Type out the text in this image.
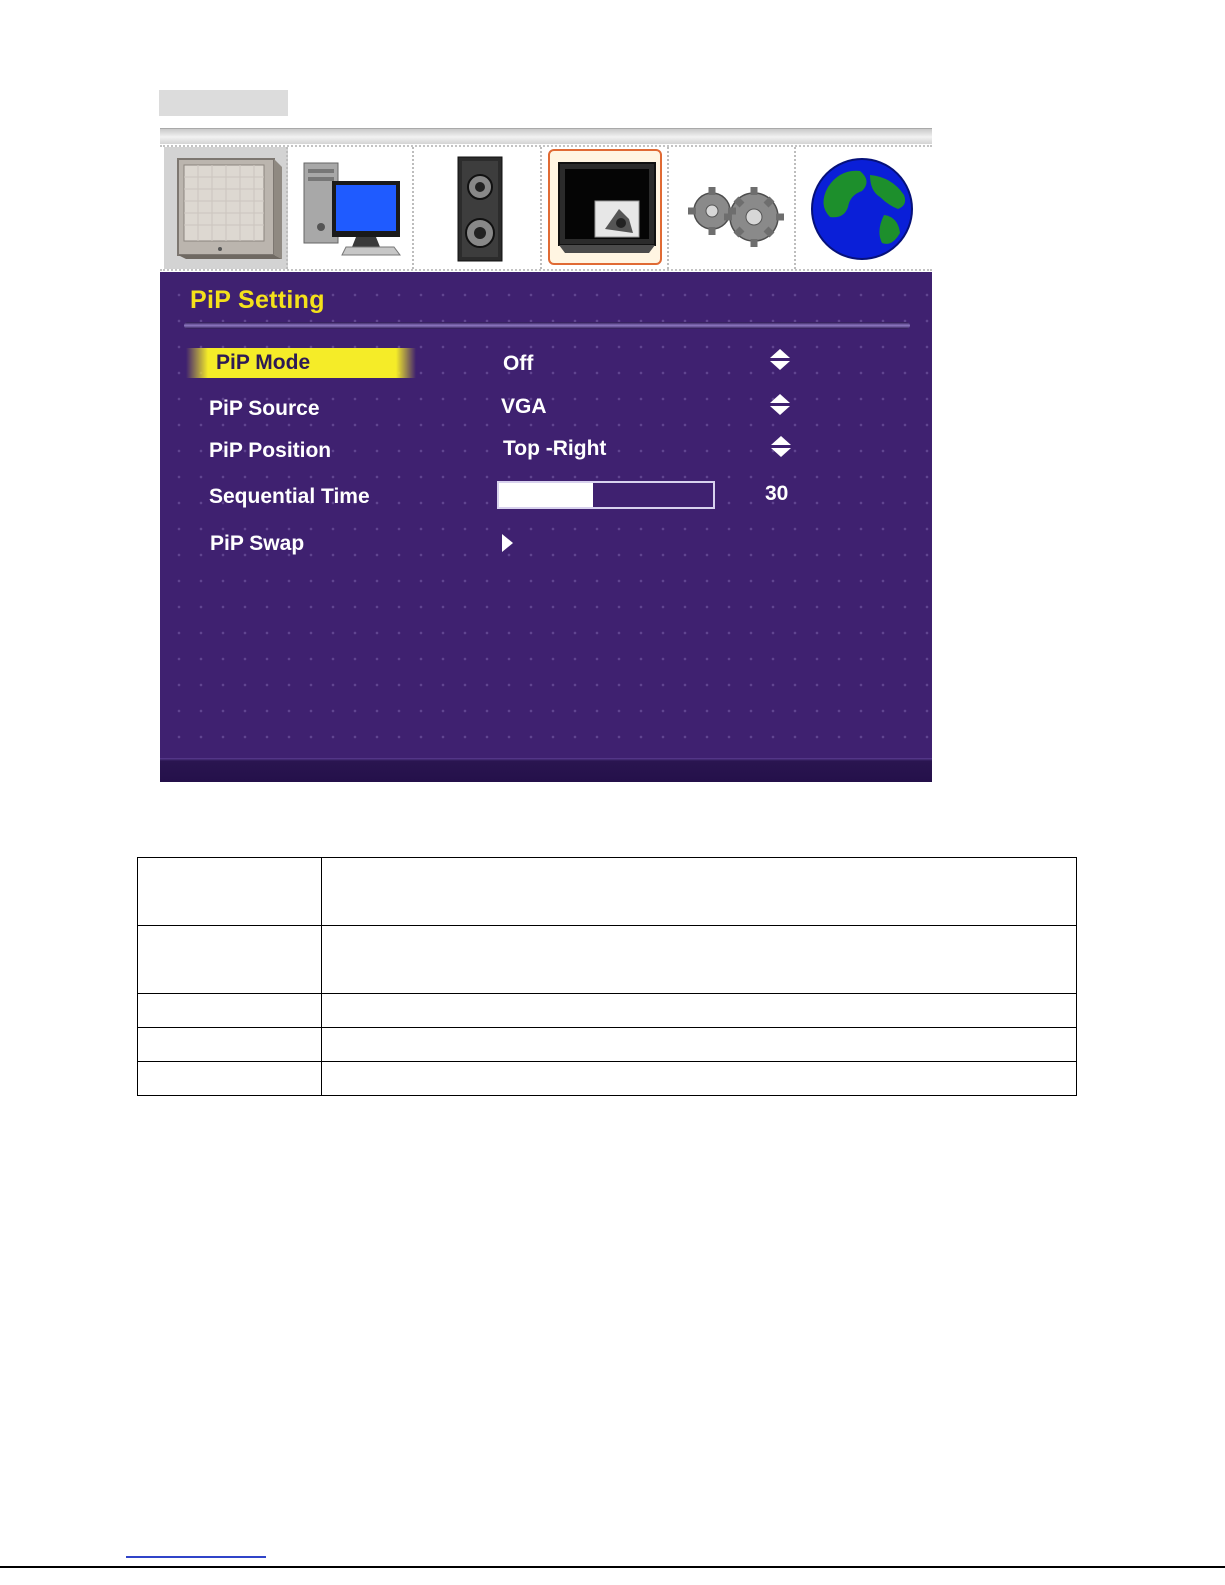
PiP Setting
PiP Mode	Off
PiP Source	VGA
PiP Position	Top -Right
Sequential Time	30
PiP Swap
